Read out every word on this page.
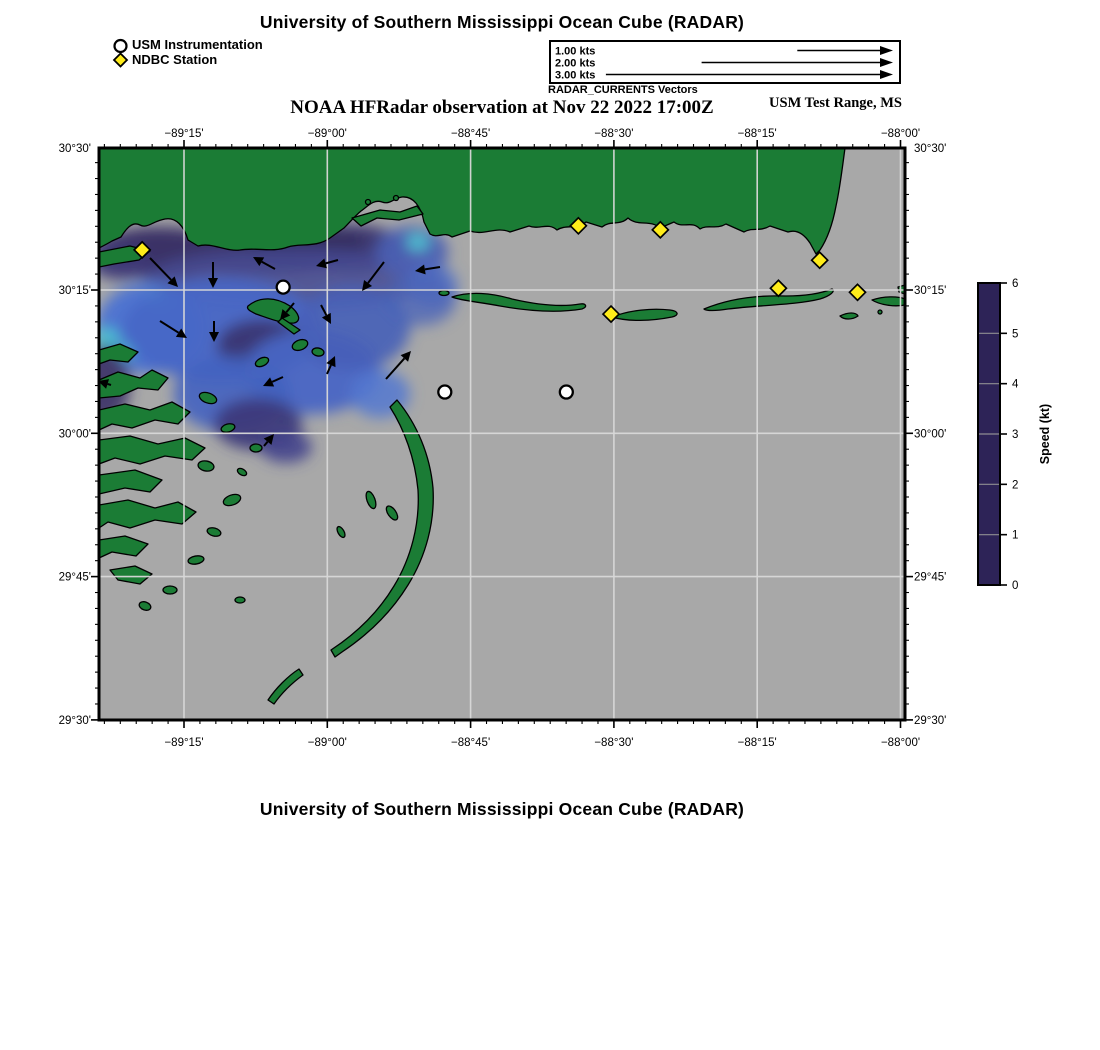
University of Southern Mississippi Ocean Cube (RADAR)
USM Instrumentation
NDBC Station
1.00 kts
2.00 kts
3.00 kts
RADAR_CURRENTS Vectors
NOAA HFRadar observation at Nov 22 2022 17:00Z	USM Test Range, MS
−89°15'
−89°15'
−89°00'
−89°00'
−88°45'
−88°45'
−88°30'
−88°30'
−88°15'
−88°15'
−88°00'
−88°00'
30°30'	30°30'
30°15'	30°15'
30°00'	30°00'
29°45'	29°45'
29°30'	29°30'
0
1
2
3
4
5
6
Speed (kt)
University of Southern Mississippi Ocean Cube (RADAR)
